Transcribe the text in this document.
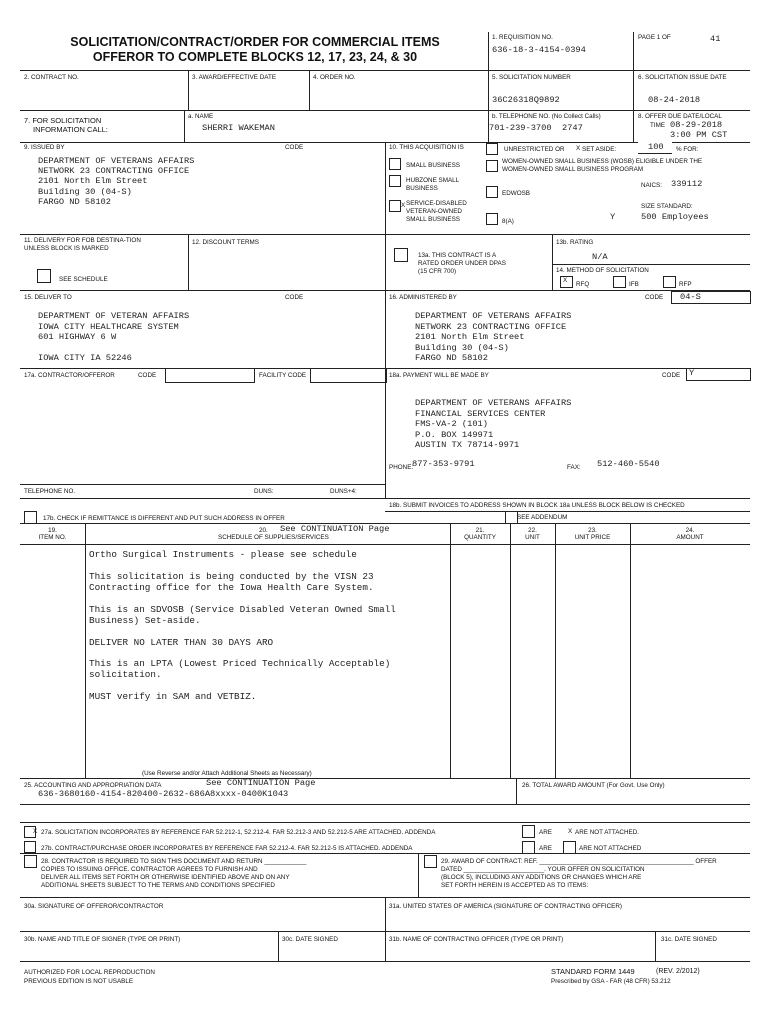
SOLICITATION/CONTRACT/ORDER FOR COMMERCIAL ITEMS
OFFEROR TO COMPLETE BLOCKS 12, 17, 23, 24, & 30
1. REQUISITION NO.
636-18-3-4154-0394
PAGE 1 OF	41
2. CONTRACT NO.	3. AWARD/EFFECTIVE DATE	4. ORDER NO.	5. SOLICITATION NUMBER
36C26318Q9892
6. SOLICITATION ISSUE DATE
08-24-2018
7. FOR SOLICITATION
INFORMATION CALL:
a. NAME
SHERRI WAKEMAN
b. TELEPHONE NO. (No Collect Calls)
701-239-3700  2747
8. OFFER DUE DATE/LOCAL
TIME 08-29-2018
3:00 PM CST
9. ISSUED BY	CODE
DEPARTMENT OF VETERANS AFFAIRS
NETWORK 23 CONTRACTING OFFICE
2101 North Elm Street
Building 30 (04-S)
FARGO ND 58102
10. THIS ACQUISITION IS	UNRESTRICTED OR X SET ASIDE:	100 % FOR:
SMALL BUSINESS
HUBZONE SMALL BUSINESS
X SERVICE-DISABLED VETERAN-OWNED SMALL BUSINESS
WOMEN-OWNED SMALL BUSINESS (WOSB) ELIGIBLE UNDER THE WOMEN-OWNED SMALL BUSINESS PROGRAM
EDWOSB
8(A)
NAICS: 339112
SIZE STANDARD:
Y	500 Employees
11. DELIVERY FOR FOB DESTINA-TION UNLESS BLOCK IS MARKED
SEE SCHEDULE
12. DISCOUNT TERMS
13a. THIS CONTRACT IS A RATED ORDER UNDER DPAS (15 CFR 700)
13b. RATING
N/A
14. METHOD OF SOLICITATION
X
RFQ	IFB	RFP
15. DELIVER TO	CODE
DEPARTMENT OF VETERAN AFFAIRS
IOWA CITY HEALTHCARE SYSTEM
601 HIGHWAY 6 W
IOWA CITY IA 52246
16. ADMINISTERED BY	CODE 04-S
DEPARTMENT OF VETERANS AFFAIRS
NETWORK 23 CONTRACTING OFFICE
2101 North Elm Street
Building 30 (04-S)
FARGO ND 58102
17a. CONTRACTOR/OFFEROR	CODE	FACILITY CODE	18a. PAYMENT WILL BE MADE BY	CODE Y
DEPARTMENT OF VETERANS AFFAIRS
FINANCIAL SERVICES CENTER
FMS-VA-2 (101)
P.O. BOX 149971
AUSTIN TX 78714-9971
PHONE:
877-353-9791	FAX: 512-460-5540
TELEPHONE NO.	DUNS:	DUNS+4:
18b. SUBMIT INVOICES TO ADDRESS SHOWN IN BLOCK 18a UNLESS BLOCK BELOW IS CHECKED
17b. CHECK IF REMITTANCE IS DIFFERENT AND PUT SUCH ADDRESS IN OFFER	SEE ADDENDUM
19.
ITEM NO.
20.
SCHEDULE OF SUPPLIES/SERVICES
See CONTINUATION Page	21.
QUANTITY
22.
UNIT
23.
UNIT PRICE
24.
AMOUNT
Ortho Surgical Instruments - please see schedule
This solicitation is being conducted by the VISN 23
Contracting office for the Iowa Health Care System.
This is an SDVOSB (Service Disabled Veteran Owned Small
Business) Set-aside.
DELIVER NO LATER THAN 30 DAYS ARO
This is an LPTA (Lowest Priced Technically Acceptable)
solicitation.
MUST verify in SAM and VETBIZ.
(Use Reverse and/or Attach Additional Sheets as Necessary)
25. ACCOUNTING AND APPROPRIATION DATA	See CONTINUATION Page
636-3680160-4154-820400-2632-686A8xxxx-0400K1043
26. TOTAL AWARD AMOUNT (For Govt. Use Only)
X 27a. SOLICITATION INCORPORATES BY REFERENCE FAR 52.212-1, 52.212-4. FAR 52.212-3 AND 52.212-5 ARE ATTACHED. ADDENDA	ARE	X ARE NOT ATTACHED.
27b. CONTRACT/PURCHASE ORDER INCORPORATES BY REFERENCE FAR 52.212-4. FAR 52.212-5 IS ATTACHED. ADDENDA	ARE	ARE NOT ATTACHED
28. CONTRACTOR IS REQUIRED TO SIGN THIS DOCUMENT AND RETURN ____________
COPIES TO ISSUING OFFICE. CONTRACTOR AGREES TO FURNISH AND
DELIVER ALL ITEMS SET FORTH OR OTHERWISE IDENTIFIED ABOVE AND ON ANY
ADDITIONAL SHEETS SUBJECT TO THE TERMS AND CONDITIONS SPECIFIED
29. AWARD OF CONTRACT: REF. ____________________________________________ OFFER
DATED _______________________. YOUR OFFER ON SOLICITATION
(BLOCK 5), INCLUDING ANY ADDITIONS OR CHANGES WHICH ARE
SET FORTH HEREIN IS ACCEPTED AS TO ITEMS:
30a. SIGNATURE OF OFFEROR/CONTRACTOR	31a. UNITED STATES OF AMERICA (SIGNATURE OF CONTRACTING OFFICER)
30b. NAME AND TITLE OF SIGNER (TYPE OR PRINT)	30c. DATE SIGNED	31b. NAME OF CONTRACTING OFFICER (TYPE OR PRINT)	31c. DATE SIGNED
AUTHORIZED FOR LOCAL REPRODUCTION
PREVIOUS EDITION IS NOT USABLE
STANDARD FORM 1449	(REV. 2/2012)
Prescribed by GSA - FAR (48 CFR) 53.212
